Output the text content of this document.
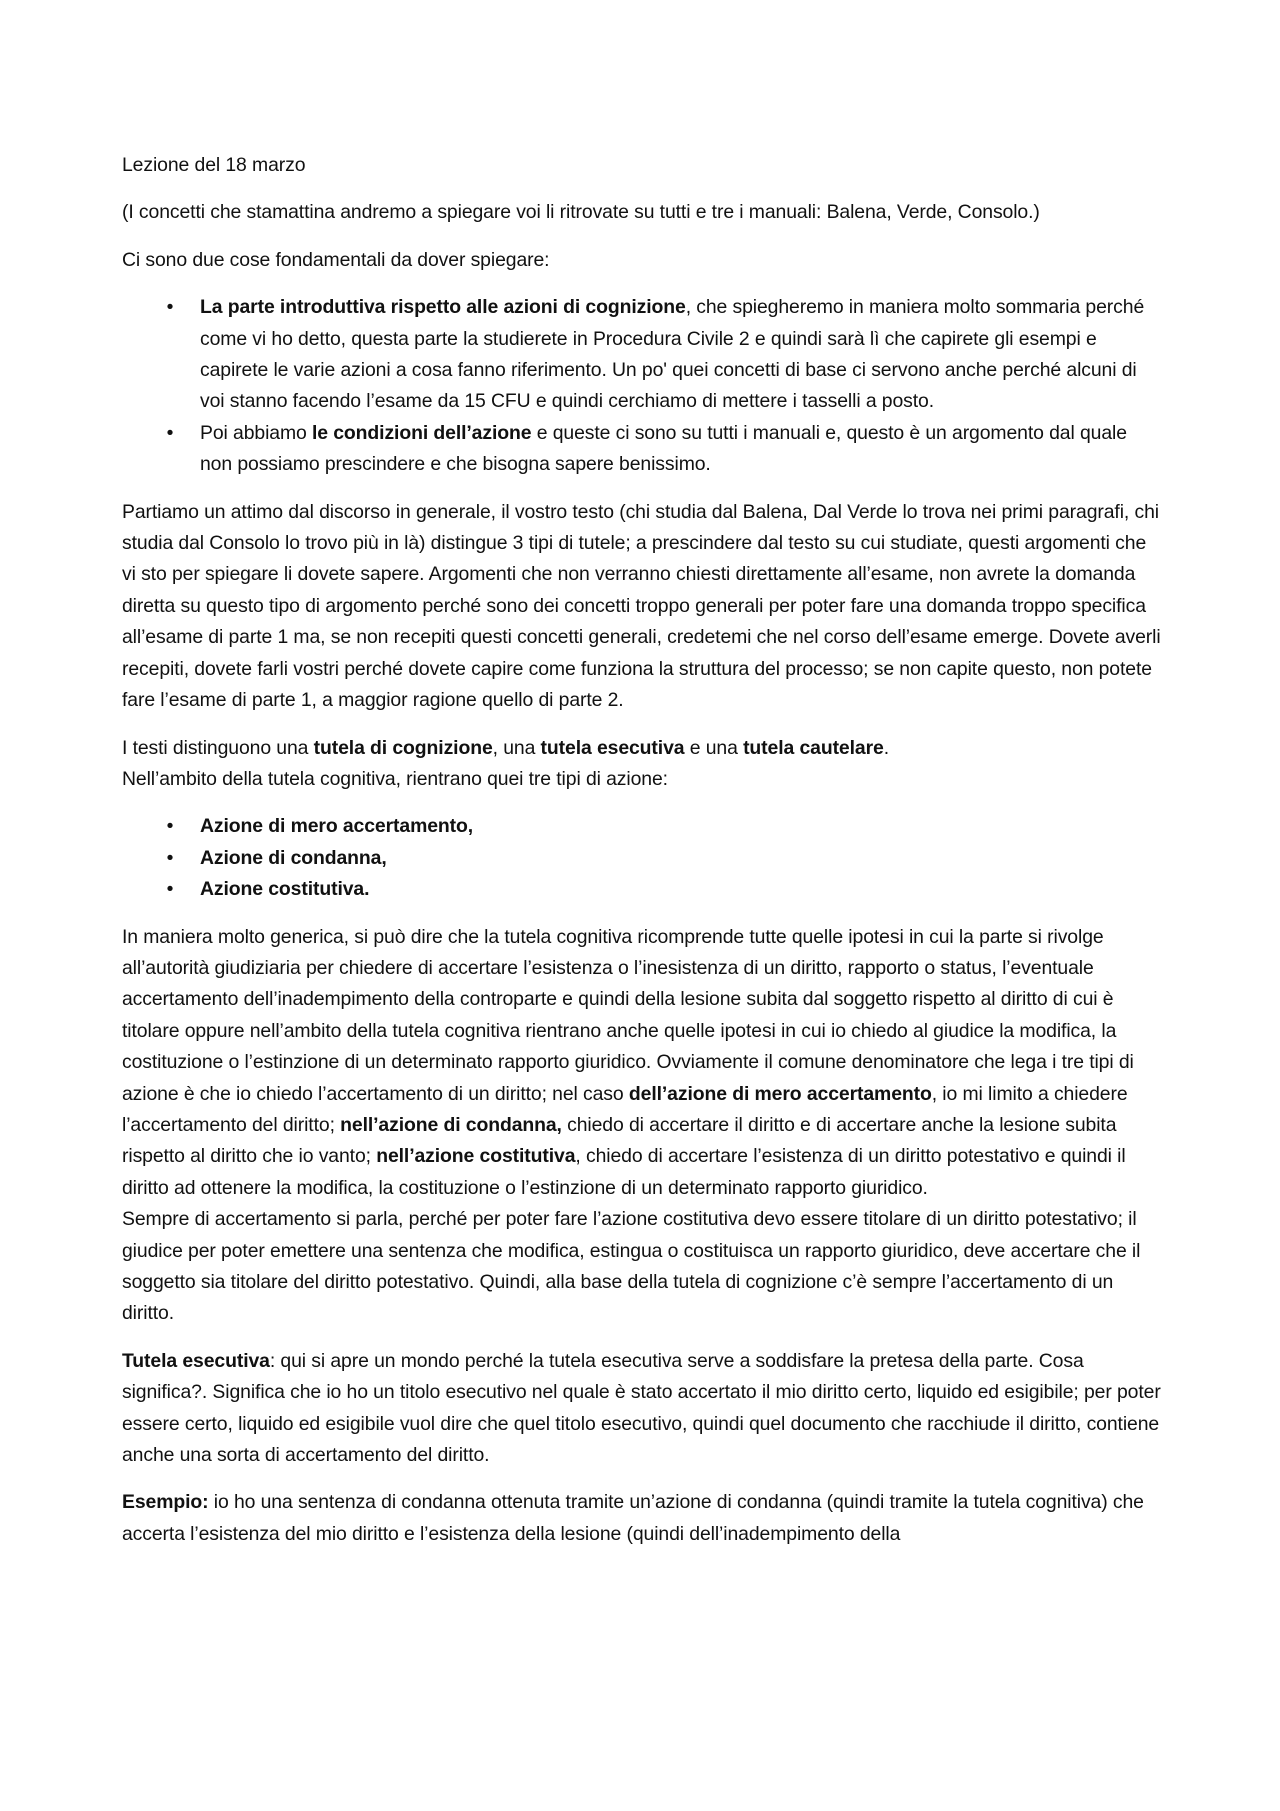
Lezione del 18 marzo

(I concetti che stamattina andremo a spiegare voi li ritrovate su tutti e tre i manuali: Balena, Verde, Consolo.)

Ci sono due cose fondamentali da dover spiegare:

•	La parte introduttiva rispetto alle azioni di cognizione, che spiegheremo in maniera molto sommaria perché come vi ho detto, questa parte la studierete in Procedura Civile 2 e quindi sarà lì che capirete gli esempi e capirete le varie azioni a cosa fanno riferimento. Un po' quei concetti di base ci servono anche perché alcuni di voi stanno facendo l’esame da 15 CFU e quindi cerchiamo di mettere i tasselli a posto.
•	Poi abbiamo le condizioni dell’azione e queste ci sono su tutti i manuali e, questo è un argomento dal quale non possiamo prescindere e che bisogna sapere benissimo.

Partiamo un attimo dal discorso in generale, il vostro testo (chi studia dal Balena, Dal Verde lo trova nei primi paragrafi, chi studia dal Consolo lo trovo più in là) distingue 3 tipi di tutele; a prescindere dal testo su cui studiate, questi argomenti che vi sto per spiegare li dovete sapere. Argomenti che non verranno chiesti direttamente all’esame, non avrete la domanda diretta su questo tipo di argomento perché sono dei concetti troppo generali per poter fare una domanda troppo specifica all’esame di parte 1 ma, se non recepiti questi concetti generali, credetemi che nel corso dell’esame emerge. Dovete averli recepiti, dovete farli vostri perché dovete capire come funziona la struttura del processo; se non capite questo, non potete fare l’esame di parte 1, a maggior ragione quello di parte 2.

I testi distinguono una tutela di cognizione, una tutela esecutiva e una tutela cautelare.
Nell’ambito della tutela cognitiva, rientrano quei tre tipi di azione:

•	Azione di mero accertamento,
•	Azione di condanna,
•	Azione costitutiva.

In maniera molto generica, si può dire che la tutela cognitiva ricomprende tutte quelle ipotesi in cui la parte si rivolge all’autorità giudiziaria per chiedere di accertare l’esistenza o l’inesistenza di un diritto, rapporto o status, l’eventuale accertamento dell’inadempimento della controparte e quindi della lesione subita dal soggetto rispetto al diritto di cui è titolare oppure nell’ambito della tutela cognitiva rientrano anche quelle ipotesi in cui io chiedo al giudice la modifica, la costituzione o l’estinzione di un determinato rapporto giuridico. Ovviamente il comune denominatore che lega i tre tipi di azione è che io chiedo l’accertamento di un diritto; nel caso dell’azione di mero accertamento, io mi limito a chiedere l’accertamento del diritto; nell’azione di condanna, chiedo di accertare il diritto e di accertare anche la lesione subita rispetto al diritto che io vanto; nell’azione costitutiva, chiedo di accertare l’esistenza di un diritto potestativo e quindi il diritto ad ottenere la modifica, la costituzione o l’estinzione di un determinato rapporto giuridico.
Sempre di accertamento si parla, perché per poter fare l’azione costitutiva devo essere titolare di un diritto potestativo; il giudice per poter emettere una sentenza che modifica, estingua o costituisca un rapporto giuridico, deve accertare che il soggetto sia titolare del diritto potestativo. Quindi, alla base della tutela di cognizione c’è sempre l’accertamento di un diritto.

Tutela esecutiva: qui si apre un mondo perché la tutela esecutiva serve a soddisfare la pretesa della parte. Cosa significa?. Significa che io ho un titolo esecutivo nel quale è stato accertato il mio diritto certo, liquido ed esigibile; per poter essere certo, liquido ed esigibile vuol dire che quel titolo esecutivo, quindi quel documento che racchiude il diritto, contiene anche una sorta di accertamento del diritto.

Esempio: io ho una sentenza di condanna ottenuta tramite un’azione di condanna (quindi tramite la tutela cognitiva) che accerta l’esistenza del mio diritto e l’esistenza della lesione (quindi dell’inadempimento della
